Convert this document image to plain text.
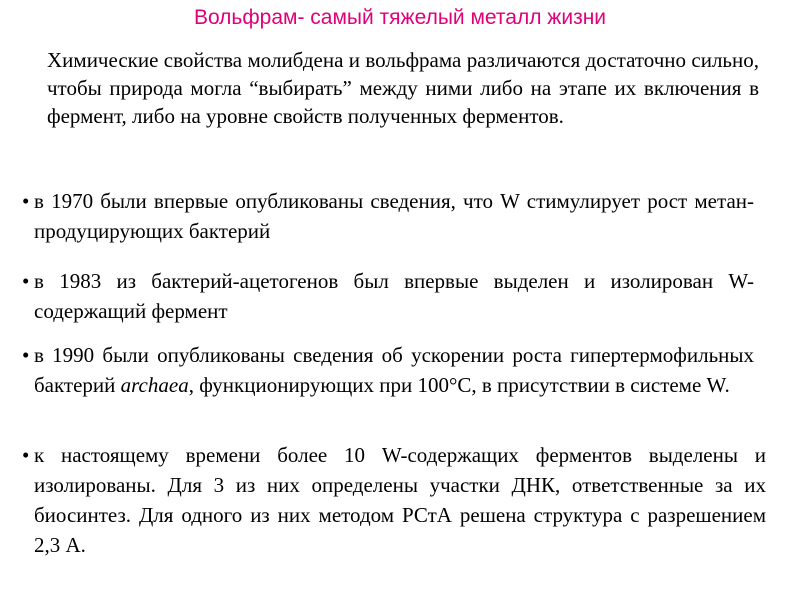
Вольфрам- самый тяжелый металл жизни
Химические свойства молибдена и вольфрама различаются достаточно сильно, чтобы природа могла “выбирать” между ними либо на этапе их включения в фермент, либо на уровне свойств полученных ферментов.
• в 1970 были впервые опубликованы сведения, что W стимулирует рост метан-продуцирующих бактерий
• в 1983 из бактерий-ацетогенов был впервые выделен и изолирован W-содержащий фермент
• в 1990 были опубликованы сведения об ускорении роста гипертермофильных бактерий archaea, функционирующих при 100°С, в присутствии в системе W.
• к настоящему времени более 10 W-содержащих ферментов выделены и изолированы. Для 3 из них определены участки ДНК, ответственные за их биосинтез. Для одного из них методом РСтА решена структура с разрешением 2,3 А.
